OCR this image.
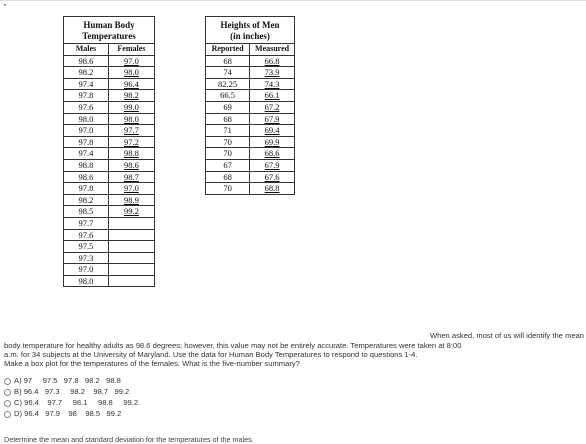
Human Body
Temperatures	
Males	Females
98.6	97.0
98.2	98.0
97.4	96.4
97.8	98.2
97.6	99.0
98.0	98.0
97.0	97.7
97.8	97.2
97.4	98.8
98.8	98.6
98.6	98.7
97.8	97.0
98.2	98.9
98.5	99.2
97.7	
97.6	
97.5	
97.3	
97.0	
98.0	
Heights of Men
(in inches)	
Reported	Measured
68	66.8
74	73.9
82.25	74.3
66.5	66.1
69	67.2
68	67.9
71	69.4
70	69.9
70	68.6
67	67.9
68	67.6
70	68.8
When asked, most of us will identify the mean
body temperature for healthy adults as 98.6 degrees; however, this value may not be entirely accurate. Temperatures were taken at 8:00
a.m. for 34 subjects at the University of Maryland. Use the data for Human Body Temperatures to respond to questions 1-4.
Make a box plot for the temperatures of the females. What is the five-number summary?
A) 97     97.5   97.8   98.2   98.8
B) 96.4   97.3     98.2    98.7   99.2
C) 96.4    97.7     98.1     98.8     99.2
D) 96.4   97.9    98    98.5   99.2
Determine the mean and standard deviation for the temperatures of the males.
